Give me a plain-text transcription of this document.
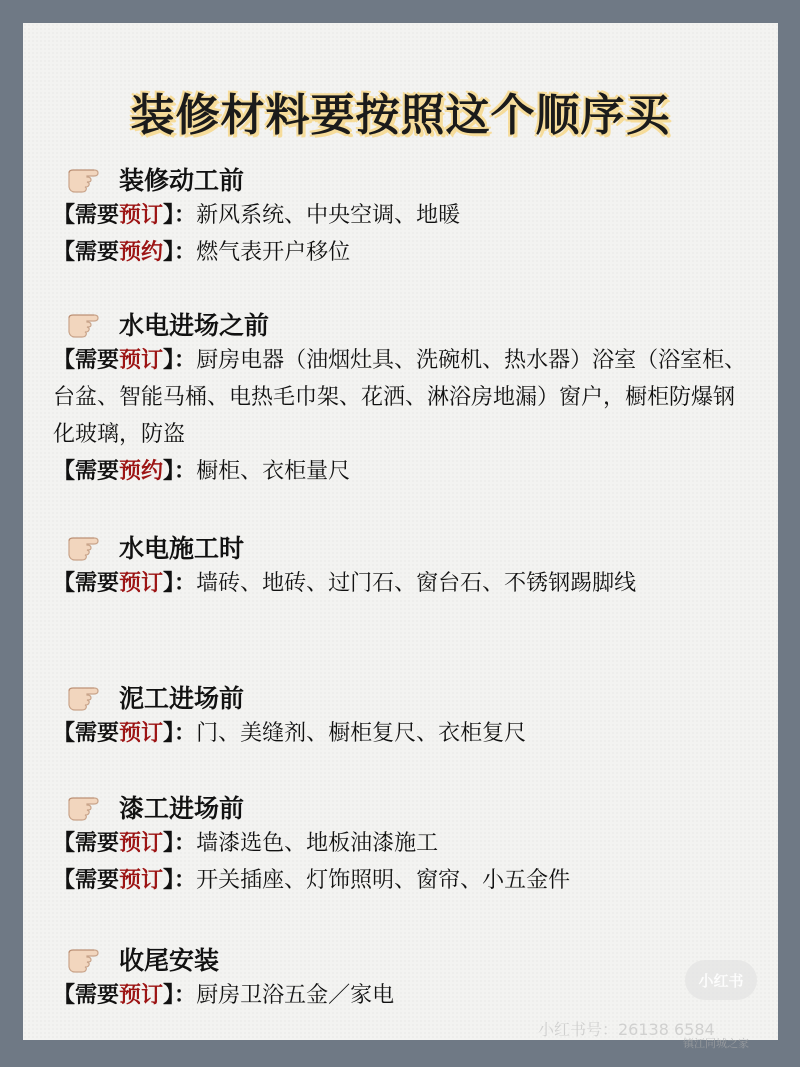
装修材料要按照这个顺序买
装修动工前
【需要预订】：新风系统、中央空调、地暖
【需要预约】：燃气表开户移位
水电进场之前
【需要预订】：厨房电器（油烟灶具、洗碗机、热水器）浴室（浴室柜、台盆、智能马桶、电热毛巾架、花洒、淋浴房地漏）窗户，橱柜防爆钢化玻璃，防盗
【需要预约】：橱柜、衣柜量尺
水电施工时
【需要预订】：墙砖、地砖、过门石、窗台石、不锈钢踢脚线
泥工进场前
【需要预订】：门、美缝剂、橱柜复尺、衣柜复尺
漆工进场前
【需要预订】：墙漆选色、地板油漆施工
【需要预订】：开关插座、灯饰照明、窗帘、小五金件
收尾安装
【需要预订】：厨房卫浴五金／家电
小红书
小红书号：26138 6584
镇江同城之家
